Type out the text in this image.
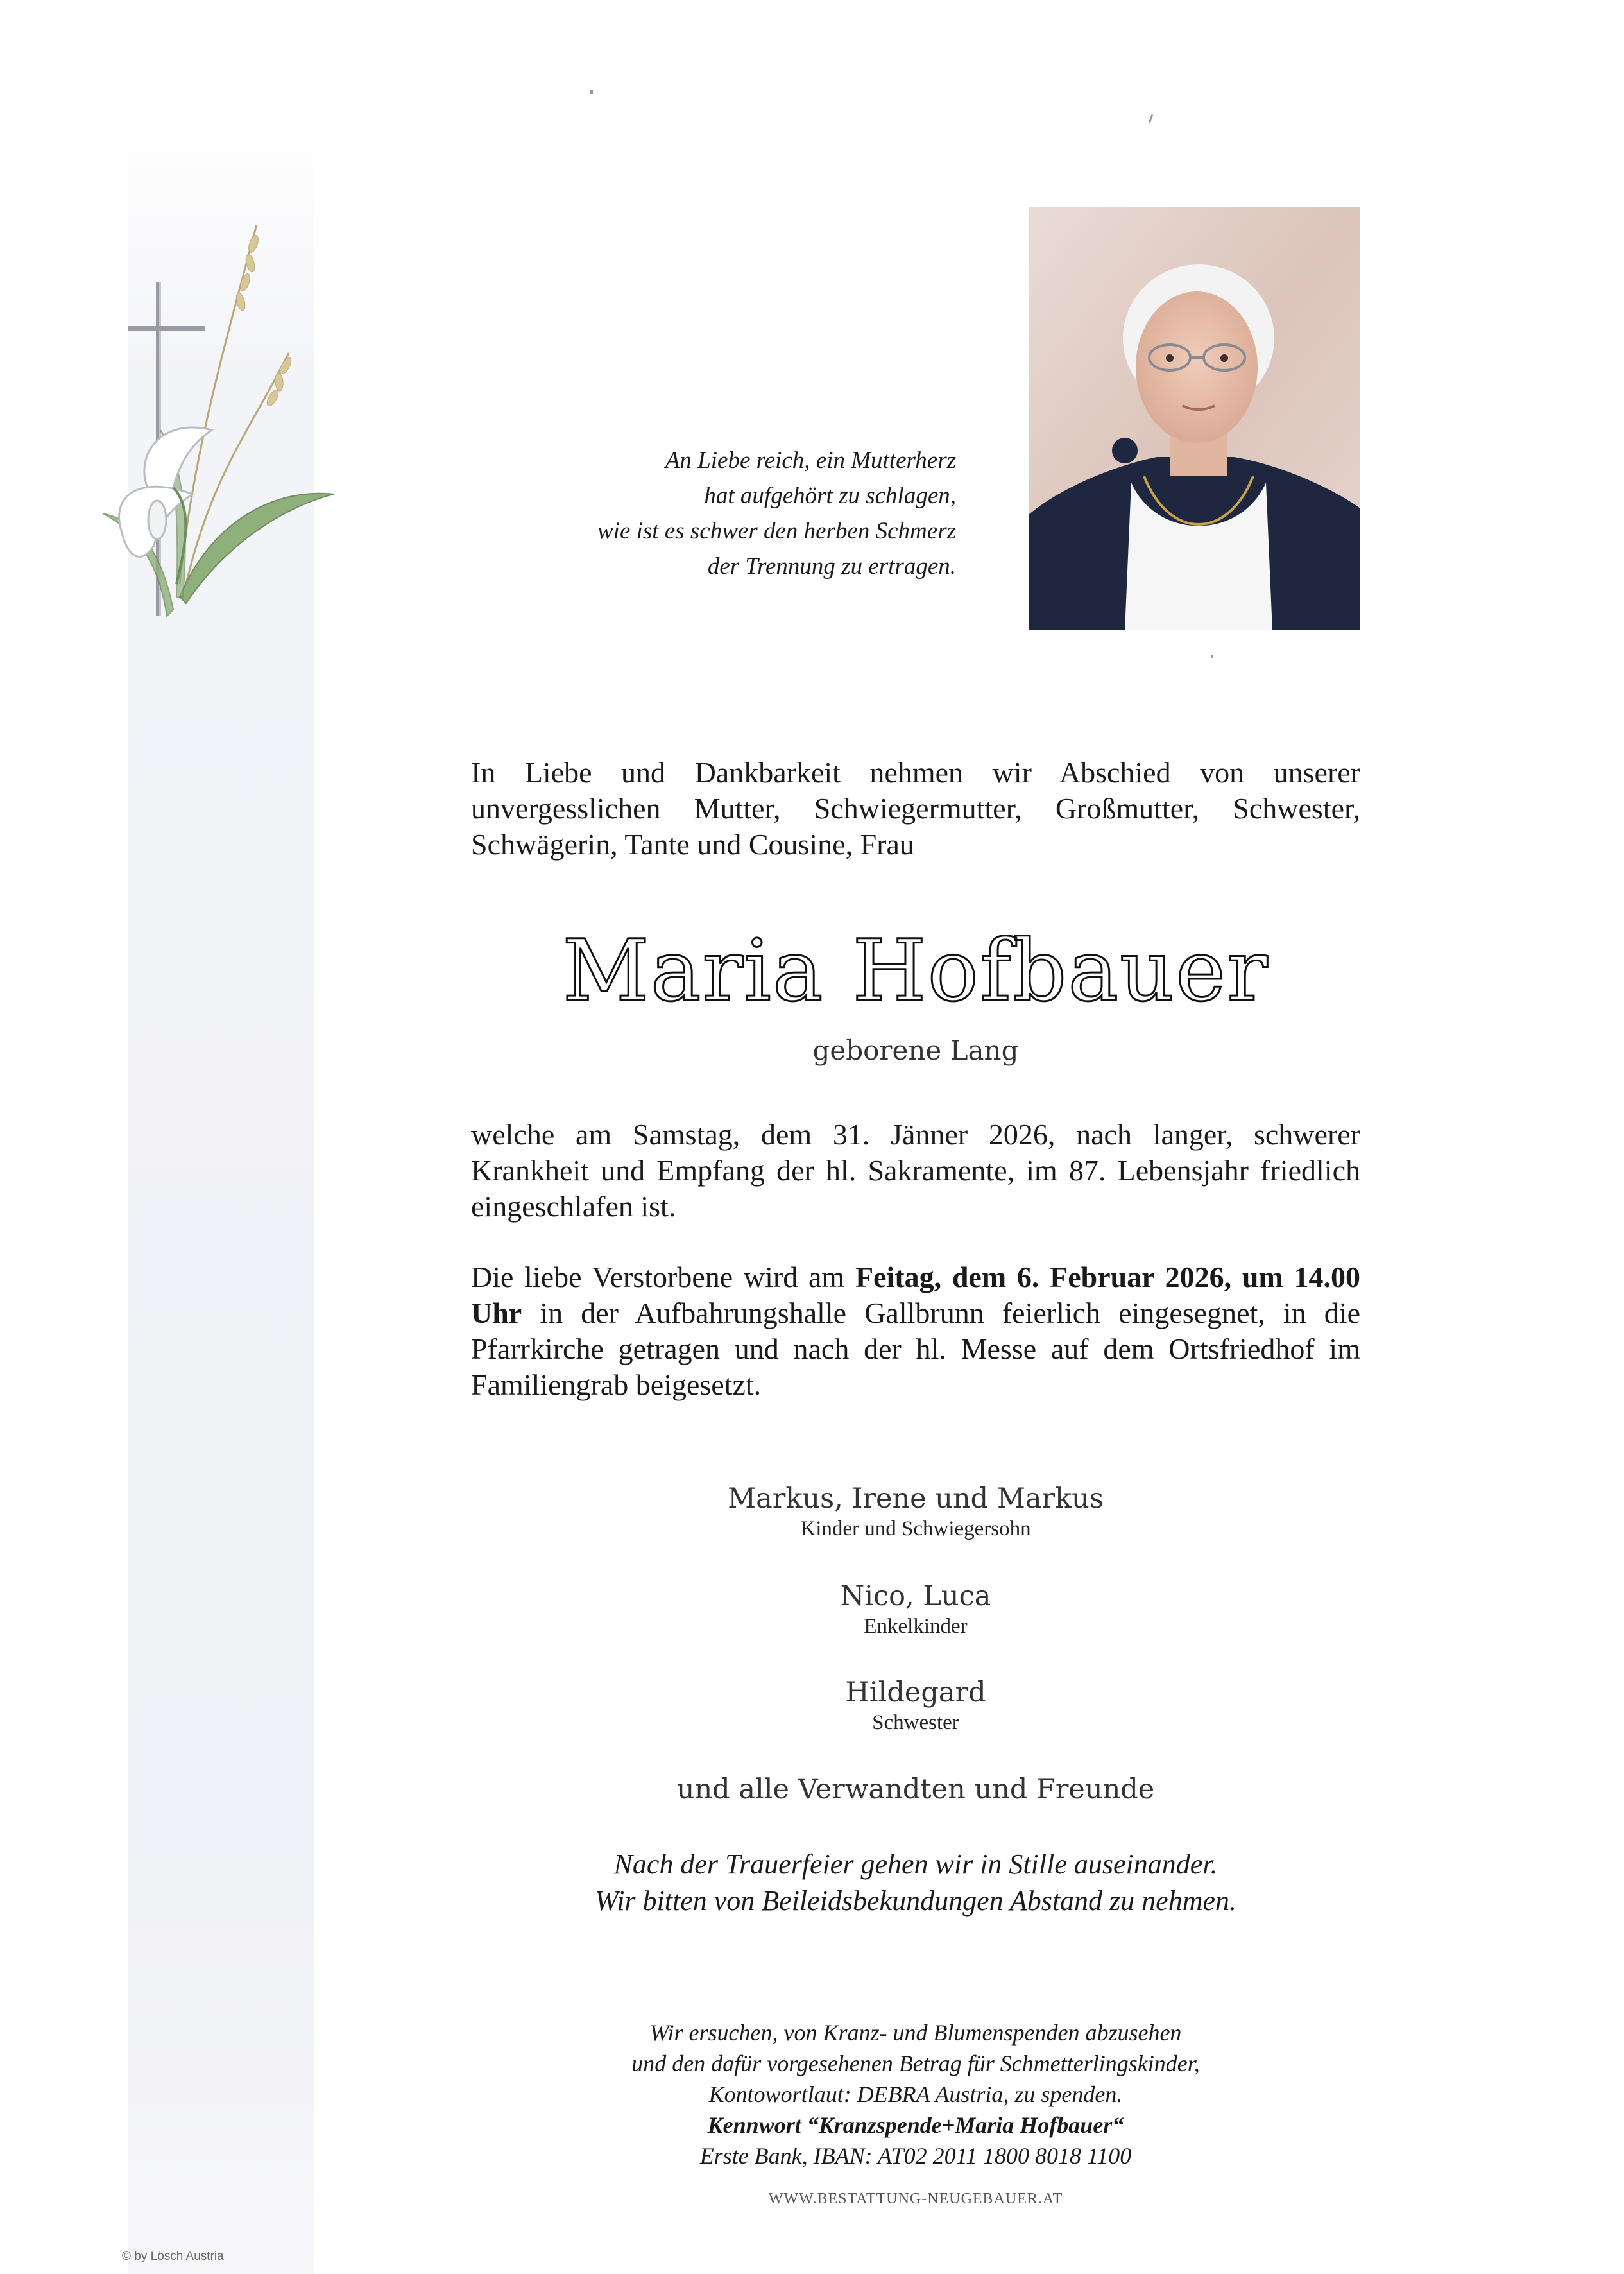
An Liebe reich, ein Mutterherz
hat aufgehört zu schlagen,
wie ist es schwer den herben Schmerz
der Trennung zu ertragen.
In Liebe und Dankbarkeit nehmen wir Abschied von unserer unvergesslichen Mutter, Schwiegermutter, Großmutter, Schwester, Schwägerin, Tante und Cousine, Frau
Maria Hofbauer
geborene Lang
welche am Samstag, dem 31. Jänner 2026, nach langer, schwerer Krankheit und Empfang der hl. Sakramente, im 87. Lebensjahr friedlich eingeschlafen ist.
Die liebe Verstorbene wird am Feitag, dem 6. Februar 2026, um 14.00 Uhr in der Aufbahrungshalle Gallbrunn feierlich eingesegnet, in die Pfarrkirche getragen und nach der hl. Messe auf dem Ortsfriedhof im Familiengrab beigesetzt.
Markus, Irene und Markus
Kinder und Schwiegersohn
Nico, Luca
Enkelkinder
Hildegard
Schwester
und alle Verwandten und Freunde
Nach der Trauerfeier gehen wir in Stille auseinander.
Wir bitten von Beileidsbekundungen Abstand zu nehmen.
Wir ersuchen, von Kranz- und Blumenspenden abzusehen
und den dafür vorgesehenen Betrag für Schmetterlingskinder,
Kontowortlaut: DEBRA Austria, zu spenden.
Kennwort “Kranzspende+Maria Hofbauer“
Erste Bank, IBAN: AT02 2011 1800 8018 1100
WWW.BESTATTUNG-NEUGEBAUER.AT
© by Lösch Austria
